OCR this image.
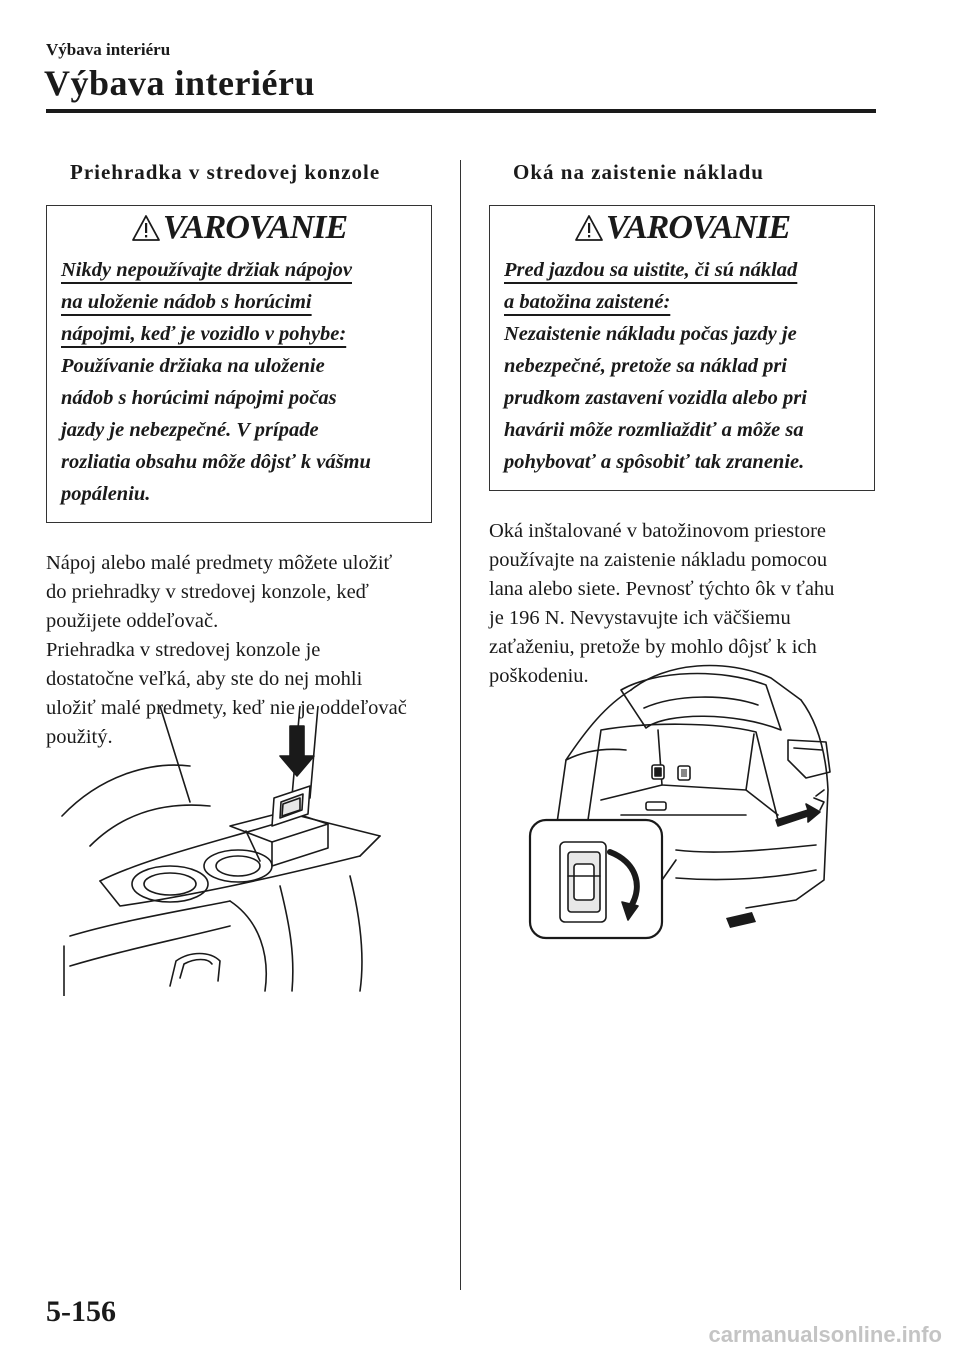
Výbava interiéru
Výbava interiéru
Priehradka v stredovej konzole
VAROVANIE
Nikdy nepoužívajte držiak nápojov
na uloženie nádob s horúcimi
nápojmi, keď je vozidlo v pohybe:
Používanie držiaka na uloženie
nádob s horúcimi nápojmi počas
jazdy je nebezpečné. V prípade
rozliatia obsahu môže dôjsť k vášmu
popáleniu.

Nápoj alebo malé predmety môžete uložiť

do priehradky v stredovej konzole, keď

použijete oddeľovač.

Priehradka v stredovej konzole je

dostatočne veľká, aby ste do nej mohli

uložiť malé predmety, keď nie je oddeľovač

použitý.

Oká na zaistenie nákladu
VAROVANIE
Pred jazdou sa uistite, či sú náklad
a batožina zaistené:
Nezaistenie nákladu počas jazdy je
nebezpečné, pretože sa náklad pri
prudkom zastavení vozidla alebo pri
havárii môže rozmliaždiť a môže sa
pohybovať a spôsobiť tak zranenie.

Oká inštalované v batožinovom priestore

používajte na zaistenie nákladu pomocou

lana alebo siete. Pevnosť týchto ôk v ťahu

je 196 N. Nevystavujte ich väčšiemu

zaťaženiu, pretože by mohlo dôjsť k ich

poškodeniu.

5-156
carmanualsonline.info
